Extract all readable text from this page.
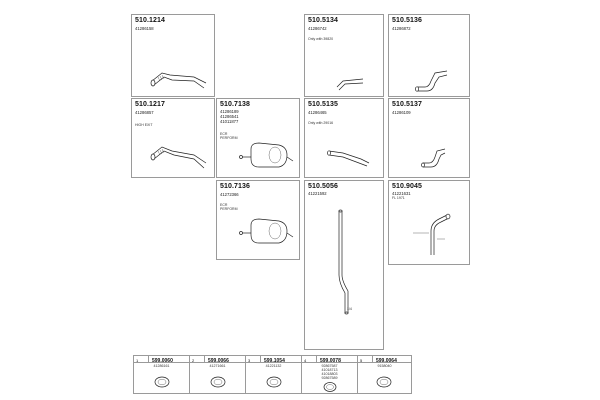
510.1214
41286158
510.5134
41286742
Only with 39820
510.5136
41286872
510.1217
41286857
HIGH EXIT
510.7138
41286189
41286541
41011877
ECR PERFORM
510.5135
41286465
Only with 29016
510.5137
41286109
510.7136
41272366
ECR PERFORM
510.5056
41221592
1/4
510.9045
41221631
FL 1971
1	599.0060
41286161
2	599.0066
41271661
3	599.1054
41221132
4	599.0078
92867587
41018713
41018803
92867589
5	599.0064
9158040
